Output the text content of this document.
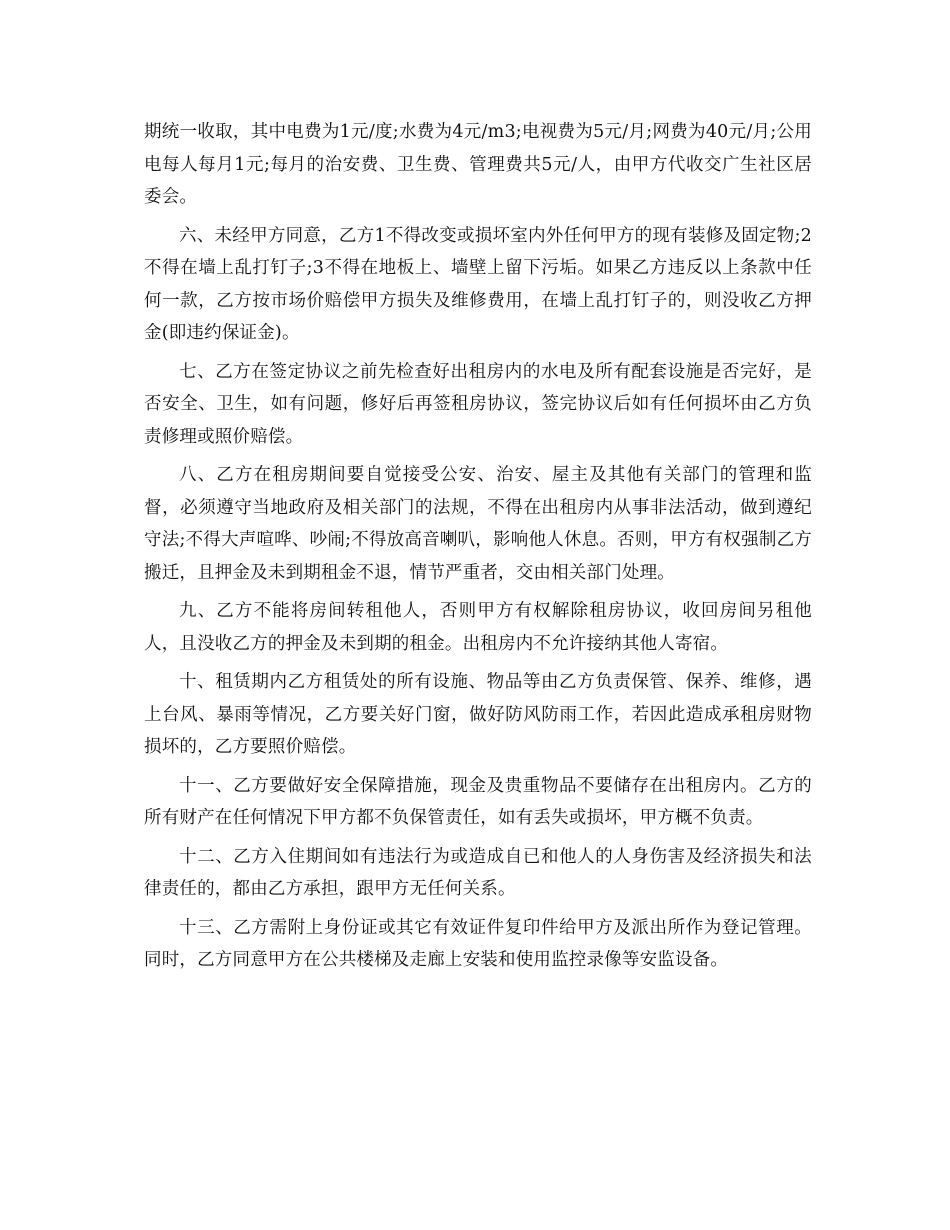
期统一收取，其中电费为1元/度;水费为4元/m3;电视费为5元/月;网费为40元/月;公用电每人每月1元;每月的治安费、卫生费、管理费共5元/人，由甲方代收交广生社区居委会。

六、未经甲方同意，乙方1不得改变或损坏室内外任何甲方的现有装修及固定物;2不得在墙上乱打钉子;3不得在地板上、墙壁上留下污垢。如果乙方违反以上条款中任何一款，乙方按市场价赔偿甲方损失及维修费用，在墙上乱打钉子的，则没收乙方押金(即违约保证金)。

七、乙方在签定协议之前先检查好出租房内的水电及所有配套设施是否完好，是否安全、卫生，如有问题，修好后再签租房协议，签完协议后如有任何损坏由乙方负责修理或照价赔偿。

八、乙方在租房期间要自觉接受公安、治安、屋主及其他有关部门的管理和监督，必须遵守当地政府及相关部门的法规，不得在出租房内从事非法活动，做到遵纪守法;不得大声喧哗、吵闹;不得放高音喇叭，影响他人休息。否则，甲方有权强制乙方搬迁，且押金及未到期租金不退，情节严重者，交由相关部门处理。

九、乙方不能将房间转租他人，否则甲方有权解除租房协议，收回房间另租他人，且没收乙方的押金及未到期的租金。出租房内不允许接纳其他人寄宿。

十、租赁期内乙方租赁处的所有设施、物品等由乙方负责保管、保养、维修，遇上台风、暴雨等情况，乙方要关好门窗，做好防风防雨工作，若因此造成承租房财物损坏的，乙方要照价赔偿。

十一、乙方要做好安全保障措施，现金及贵重物品不要储存在出租房内。乙方的所有财产在任何情况下甲方都不负保管责任，如有丢失或损坏，甲方概不负责。

十二、乙方入住期间如有违法行为或造成自已和他人的人身伤害及经济损失和法律责任的，都由乙方承担，跟甲方无任何关系。

十三、乙方需附上身份证或其它有效证件复印件给甲方及派出所作为登记管理。同时，乙方同意甲方在公共楼梯及走廊上安装和使用监控录像等安监设备。
